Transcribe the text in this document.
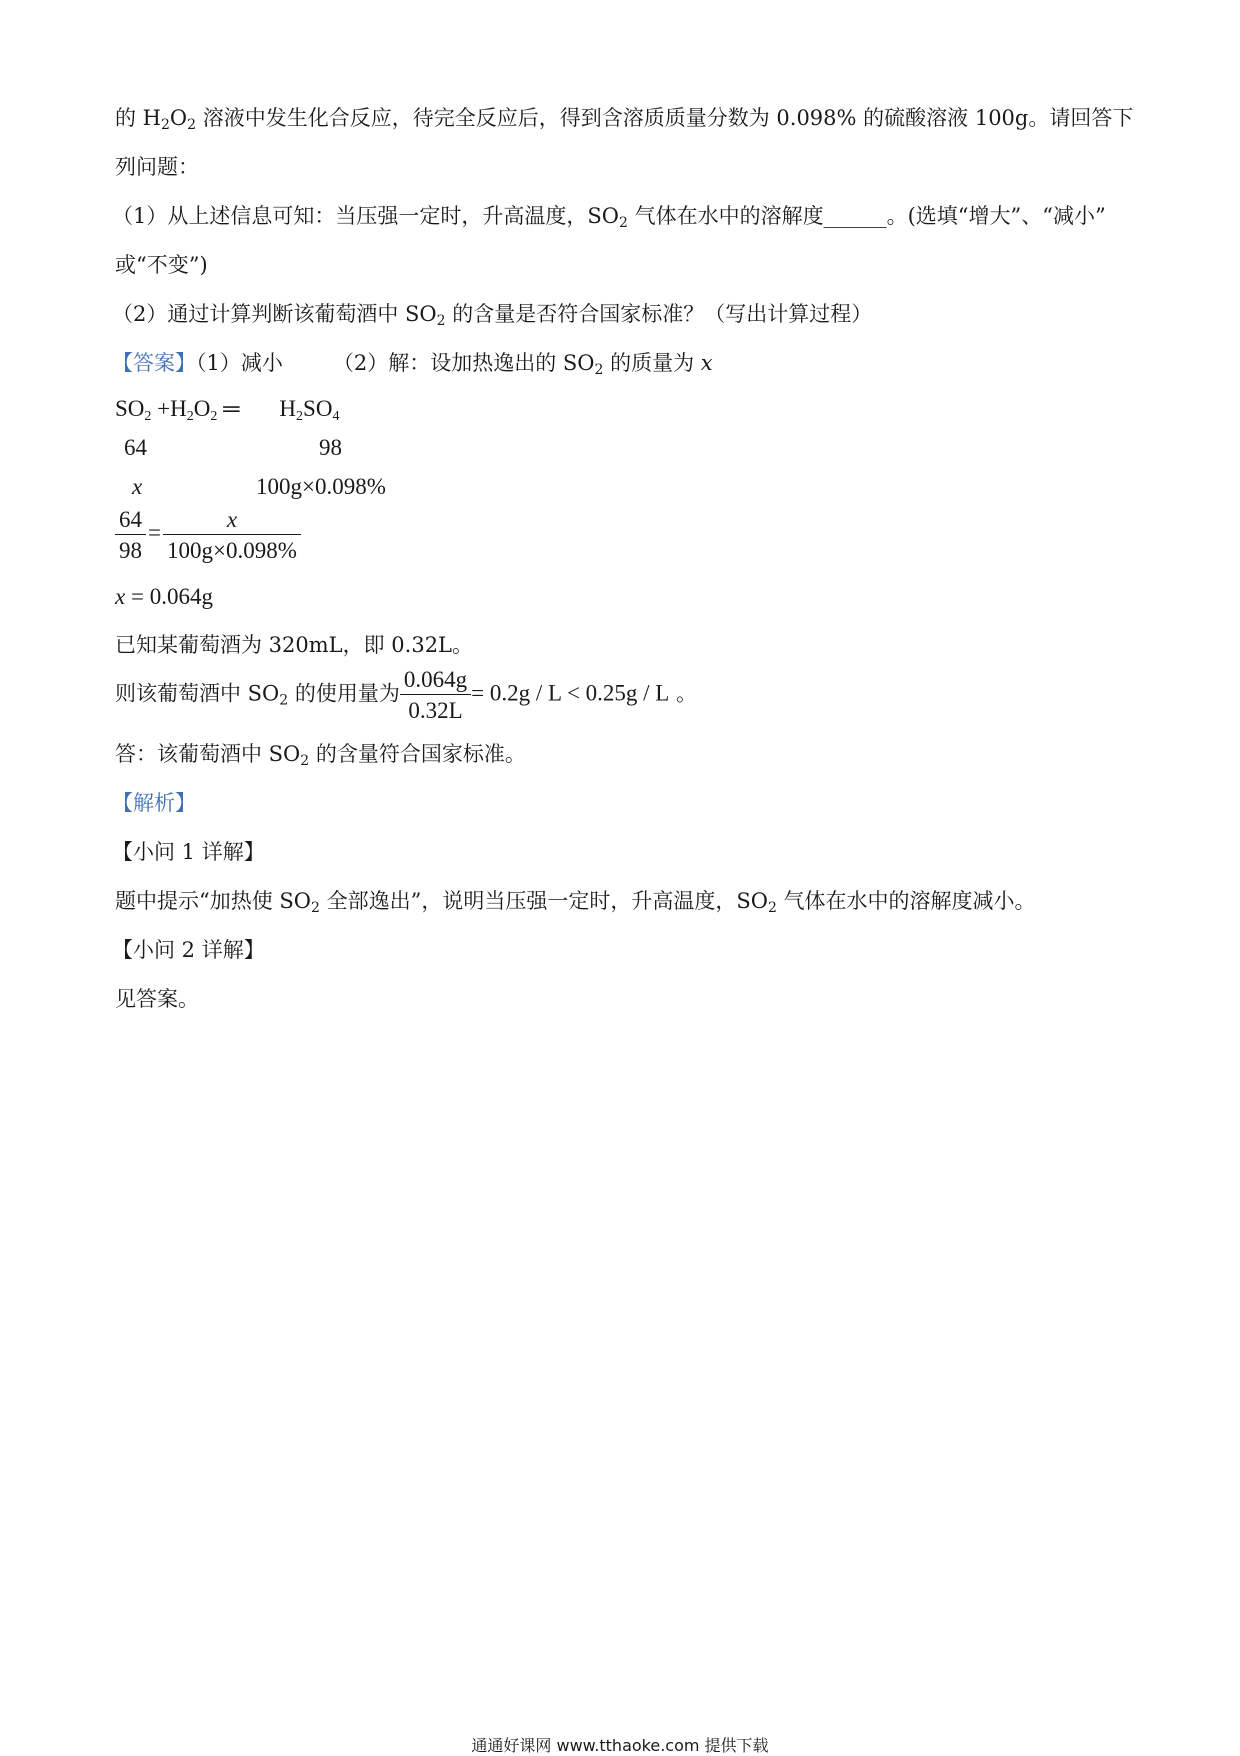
的 $H_2O_2$ 溶液中发生化合反应，待完全反应后，得到含溶质质量分数为 0.098% 的硫酸溶液 100g。请回答下
列问题：
（1）从上述信息可知：当压强一定时，升高温度，$SO_2$ 气体在水中的溶解度______。(选填“增大”、“减小”
或“不变”)
（2）通过计算判断该葡萄酒中 $SO_2$ 的含量是否符合国家标准？（写出计算过程）
【答案】（1）减小 （2）解：设加热逸出的 $SO_2$ 的质量为 x
$SO_2 +H_2O_2$ ═ $H_2SO_4$
64	98
x	100g×0.098%
$\frac{64}{98} = \frac{x}{100g\times 0.098\%}$
x = 0.064g
已知某葡萄酒为 320mL，即 0.32L。
则该葡萄酒中 $SO_2$ 的使用量为 $\frac{0.064g}{0.32L} = 0.2g / L < 0.25g / L$ 。
答：该葡萄酒中 $SO_2$ 的含量符合国家标准。
【解析】
【小问 1 详解】
题中提示“加热使 $SO_2$ 全部逸出”，说明当压强一定时，升高温度，$SO_2$ 气体在水中的溶解度减小。
【小问 2 详解】
见答案。
通通好课网 www.tthaoke.com 提供下载
